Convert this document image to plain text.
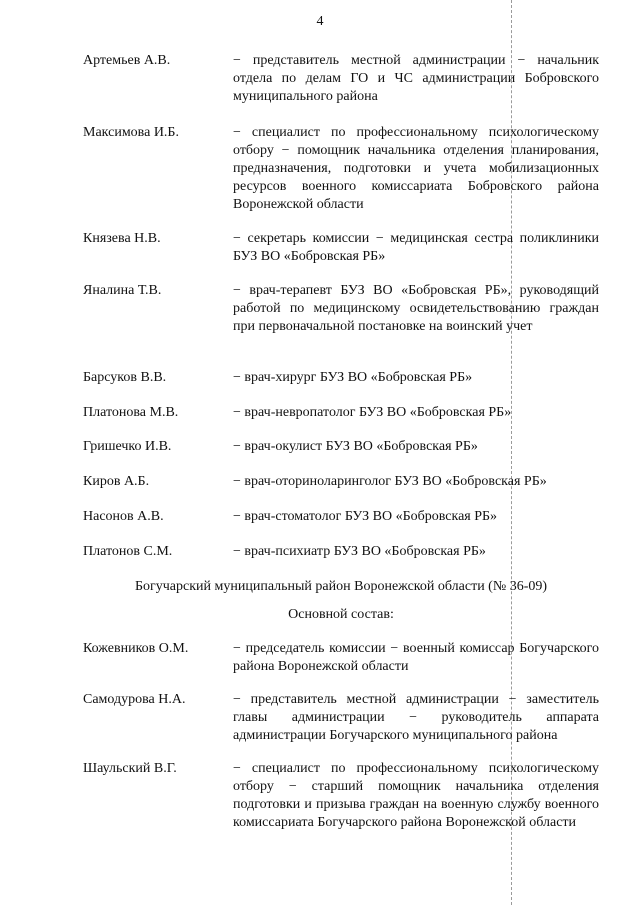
4
Артемьев А.В.	− представитель местной администрации − начальник отдела по делам ГО и ЧС администрации Бобровского муниципального района
Максимова И.Б.	− специалист по профессиональному психологическому отбору − помощник начальника отделения планирования, предназначения, подготовки и учета мобилизационных ресурсов военного комиссариата Бобровского района Воронежской области
Князева Н.В.	− секретарь комиссии − медицинская сестра поликлиники БУЗ ВО «Бобровская РБ»
Яналина Т.В.	− врач-терапевт БУЗ ВО «Бобровская РБ», руководящий работой по медицинскому освидетельствованию граждан при первоначальной постановке на воинский учет
Барсуков В.В.	− врач-хирург БУЗ ВО «Бобровская РБ»
Платонова М.В.	− врач-невропатолог БУЗ ВО «Бобровская РБ»
Гришечко И.В.	− врач-окулист БУЗ ВО «Бобровская РБ»
Киров А.Б.	− врач-оториноларинголог БУЗ ВО «Бобровская РБ»
Насонов А.В.	− врач-стоматолог БУЗ ВО «Бобровская РБ»
Платонов С.М.	− врач-психиатр БУЗ ВО «Бобровская РБ»
Богучарский муниципальный район Воронежской области (№ 36-09)
Основной состав:
Кожевников О.М.	− председатель комиссии − военный комиссар Богучарского района Воронежской области
Самодурова Н.А.	− представитель местной администрации − заместитель главы администрации − руководитель аппарата администрации Богучарского муниципального района
Шаульский В.Г.	− специалист по профессиональному психологическому отбору − старший помощник начальника отделения подготовки и призыва граждан на военную службу военного комиссариата Богучарского района Воронежской области
